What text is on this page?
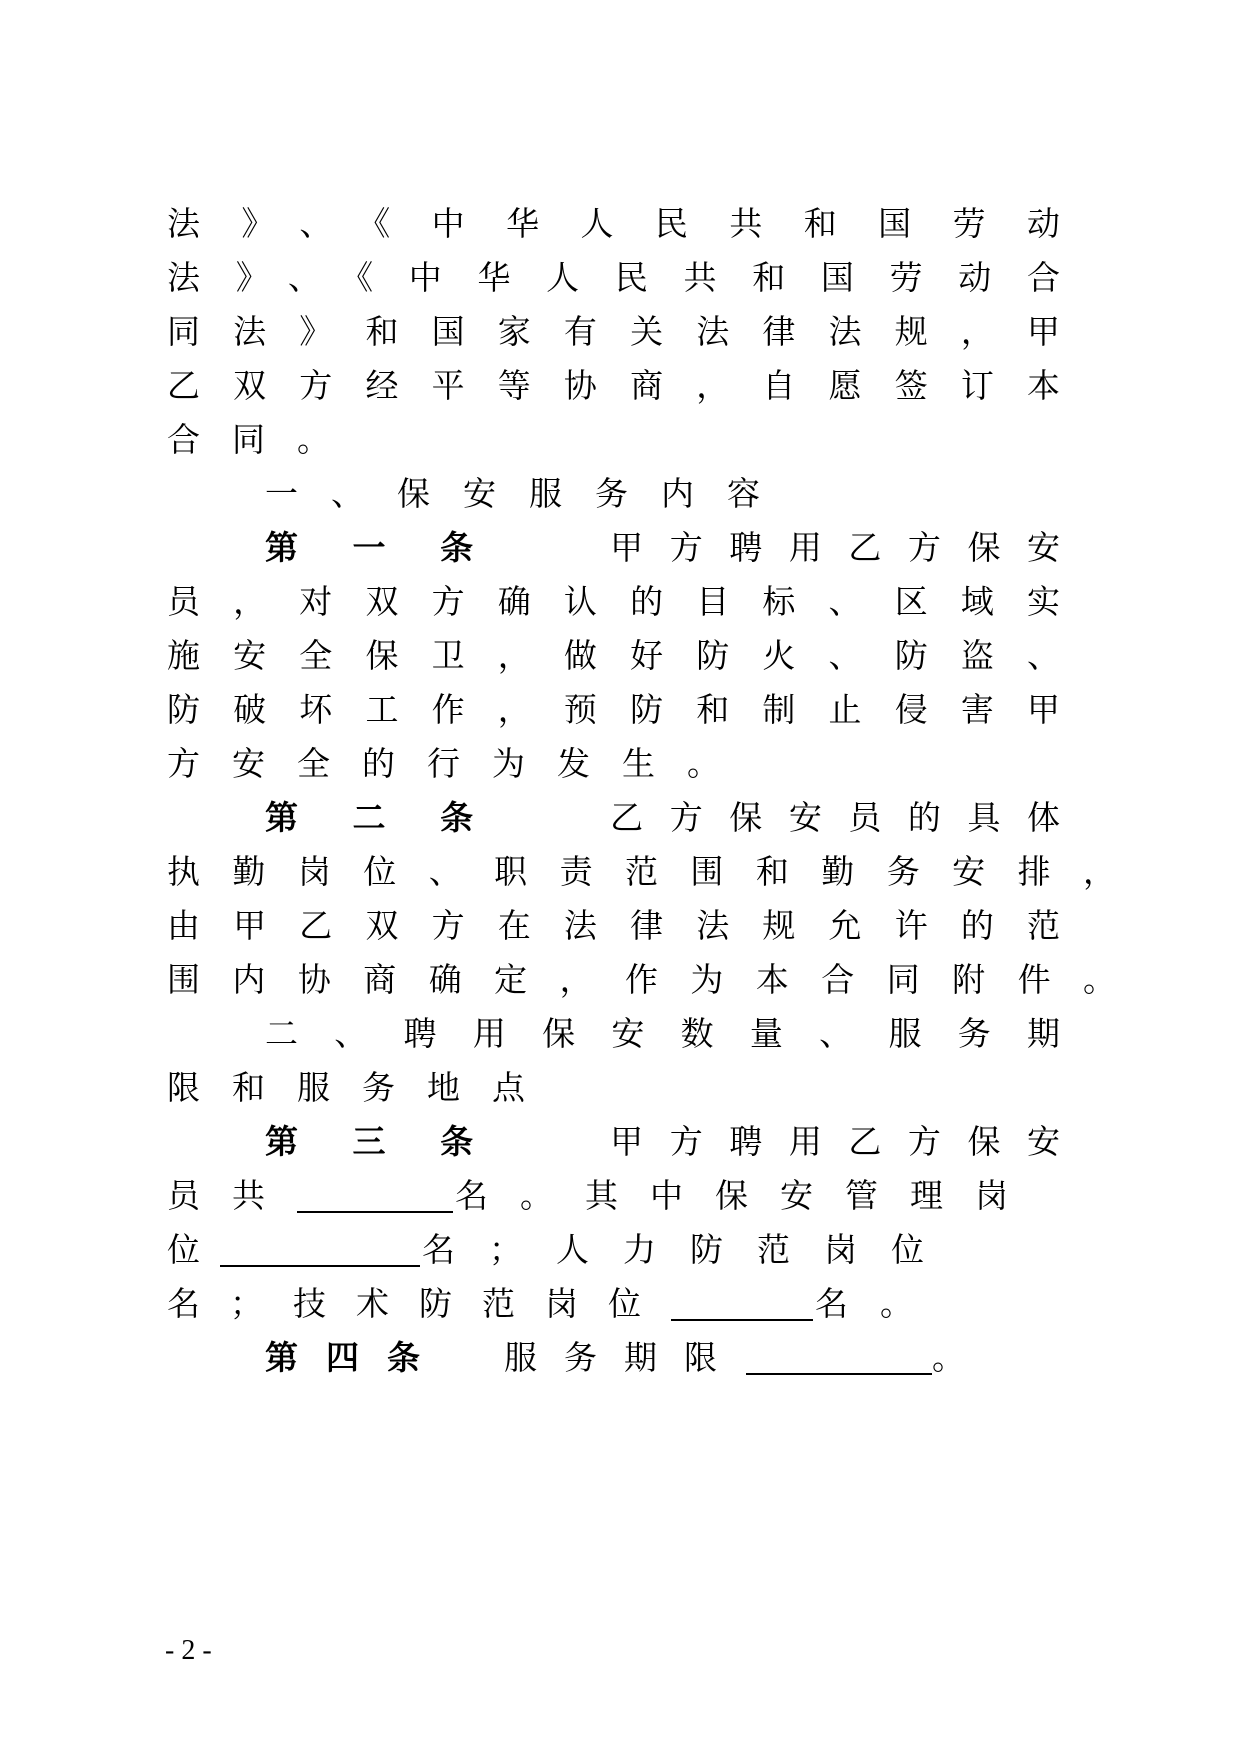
法》、《中华人民共和国劳动
法》、《中华人民共和国劳动合
同法》和国家有关法律法规，甲
乙双方经平等协商，自愿签订本
合同。
一、保安服务内容
第一条 甲方聘用乙方保安
员，对双方确认的目标、区域实
施安全保卫，做好防火、防盗、
防破坏工作，预防和制止侵害甲
方安全的行为发生。
第二条 乙方保安员的具体
执勤岗位、职责范围和勤务安排，
由甲乙双方在法律法规允许的范
围内协商确定，作为本合同附件。
二、聘用保安数量、服务期
限和服务地点
第三条 甲方聘用乙方保安
员共	名。其中保安管理岗
位	名；人力防范岗位
名；技术防范岗位	名。
第四条 服务期限	。
- 2 -
